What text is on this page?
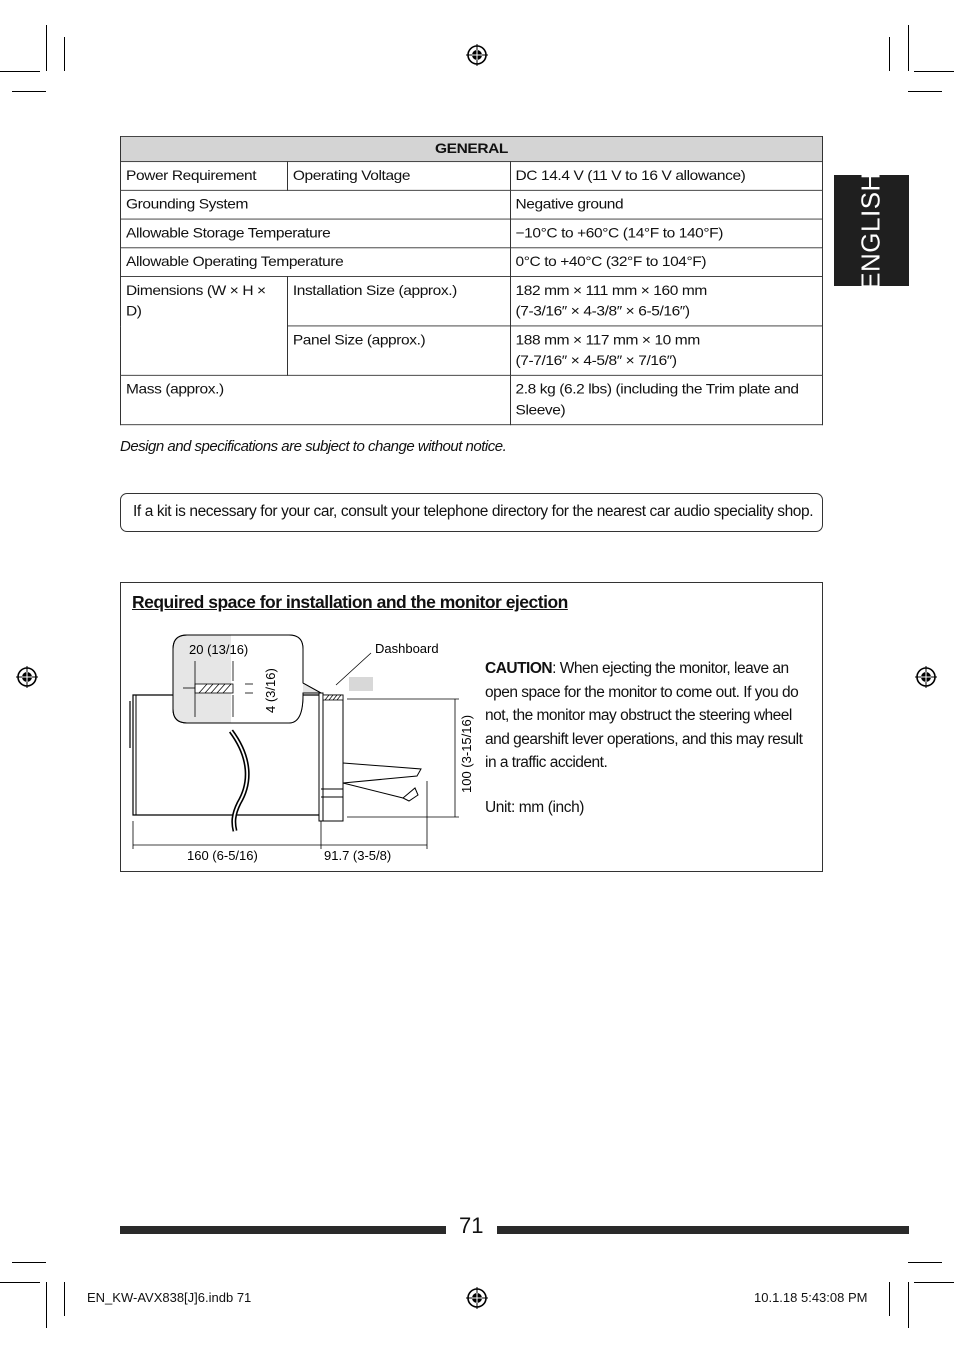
ENGLISH
GENERAL		
Power Requirement	Operating Voltage	DC 14.4 V (11 V to 16 V allowance)
Grounding System		Negative ground
Allowable Storage Temperature		−10°C to +60°C (14°F to 140°F)
Allowable Operating Temperature		0°C to +40°C (32°F to 104°F)
Dimensions (W × H × D)	Installation Size (approx.)	182 mm × 111 mm × 160 mm
(7-3/16″ × 4-3/8″ × 6-5/16″)

	Panel Size (approx.)	188 mm × 117 mm × 10 mm
(7-7/16″ × 4-5/8″ × 7/16″)

Mass (approx.)		2.8 kg (6.2 lbs) (including the Trim plate and Sleeve)
Design and specifications are subject to change without notice.
If a kit is necessary for your car, consult your telephone directory for the nearest car audio speciality shop.
Required space for installation and the monitor ejection
20 (13/16)
4 (3/16)
Dashboard
100 (3-15/16)
160 (6-5/16)	91.7 (3-5/8)
CAUTION: When ejecting the monitor, leave an open space for the monitor to come out. If you do not, the monitor may obstruct the steering wheel and gearshift lever operations, and this may result in a traffic accident.
Unit: mm (inch)
71
EN_KW-AVX838[J]6.indb 71	10.1.18 5:43:08 PM
